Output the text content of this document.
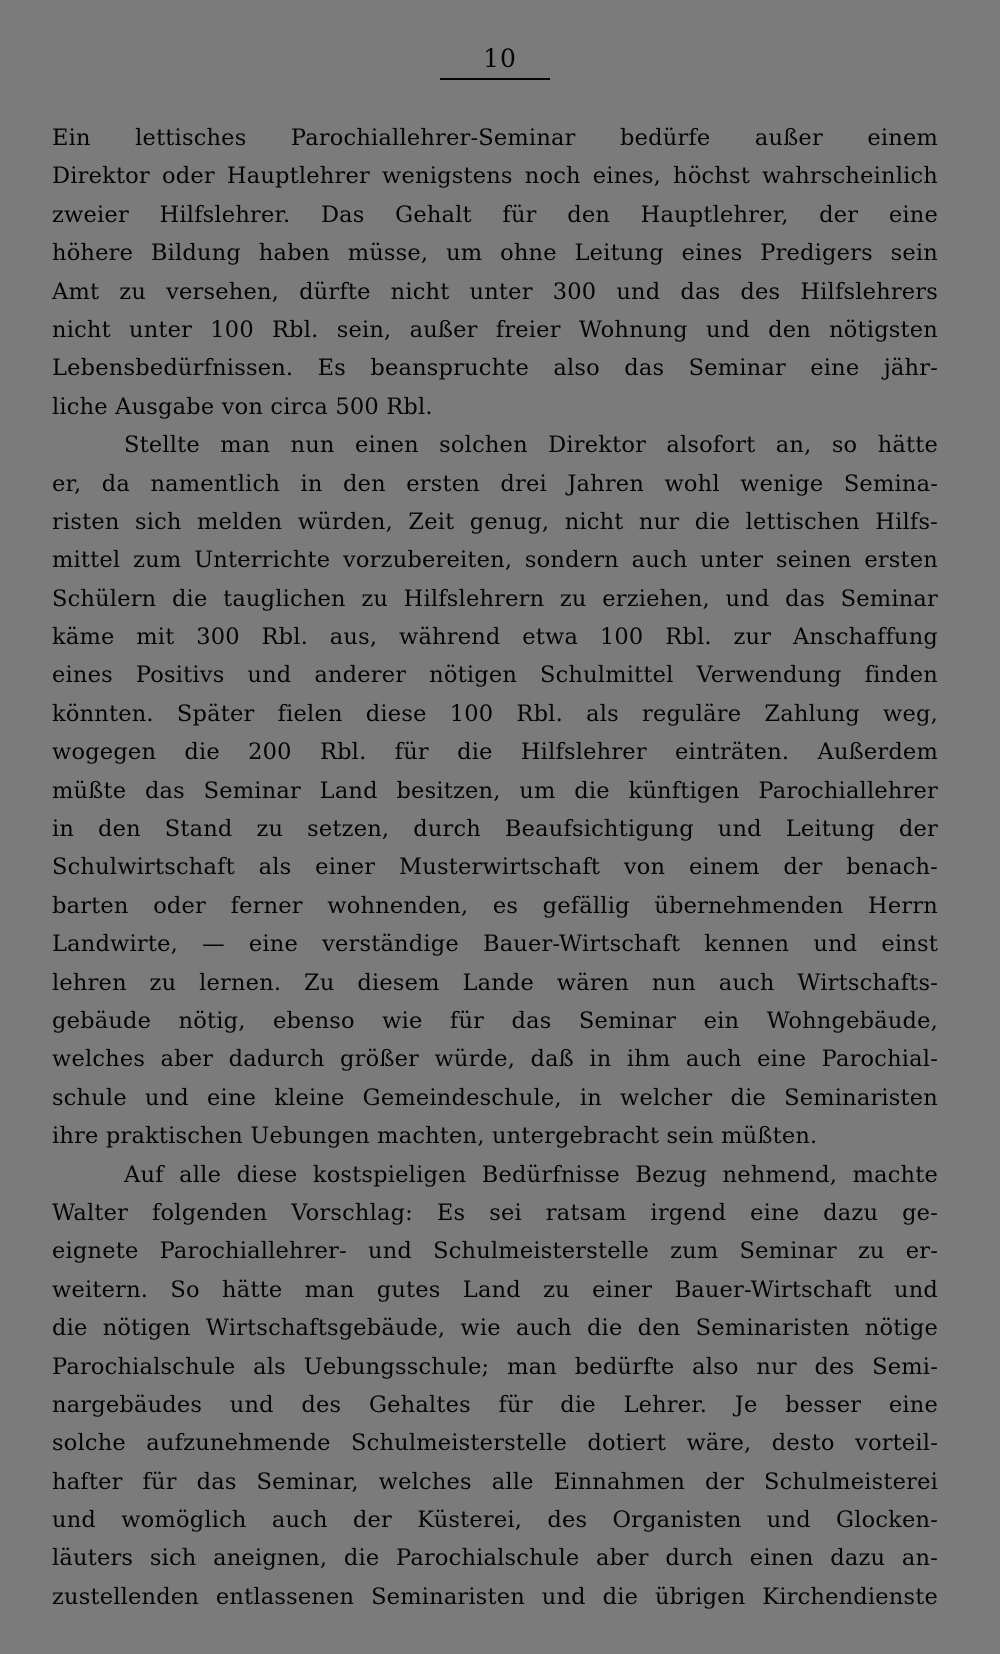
10
Ein lettisches Parochiallehrer-Seminar bedürfe außer einem
Direktor oder Hauptlehrer wenigstens noch eines, höchst wahrscheinlich
zweier Hilfslehrer. Das Gehalt für den Hauptlehrer, der eine
höhere Bildung haben müsse, um ohne Leitung eines Predigers sein
Amt zu versehen, dürfte nicht unter 300 und das des Hilfslehrers
nicht unter 100 Rbl. sein, außer freier Wohnung und den nötigsten
Lebensbedürfnissen. Es beanspruchte also das Seminar eine jähr-
liche Ausgabe von circa 500 Rbl.
Stellte man nun einen solchen Direktor alsofort an, so hätte
er, da namentlich in den ersten drei Jahren wohl wenige Semina-
risten sich melden würden, Zeit genug, nicht nur die lettischen Hilfs-
mittel zum Unterrichte vorzubereiten, sondern auch unter seinen ersten
Schülern die tauglichen zu Hilfslehrern zu erziehen, und das Seminar
käme mit 300 Rbl. aus, während etwa 100 Rbl. zur Anschaffung
eines Positivs und anderer nötigen Schulmittel Verwendung finden
könnten. Später fielen diese 100 Rbl. als reguläre Zahlung weg,
wogegen die 200 Rbl. für die Hilfslehrer einträten. Außerdem
müßte das Seminar Land besitzen, um die künftigen Parochiallehrer
in den Stand zu setzen, durch Beaufsichtigung und Leitung der
Schulwirtschaft als einer Musterwirtschaft von einem der benach-
barten oder ferner wohnenden, es gefällig übernehmenden Herrn
Landwirte, — eine verständige Bauer-Wirtschaft kennen und einst
lehren zu lernen. Zu diesem Lande wären nun auch Wirtschafts-
gebäude nötig, ebenso wie für das Seminar ein Wohngebäude,
welches aber dadurch größer würde, daß in ihm auch eine Parochial-
schule und eine kleine Gemeindeschule, in welcher die Seminaristen
ihre praktischen Uebungen machten, untergebracht sein müßten.
Auf alle diese kostspieligen Bedürfnisse Bezug nehmend, machte
Walter folgenden Vorschlag: Es sei ratsam irgend eine dazu ge-
eignete Parochiallehrer- und Schulmeisterstelle zum Seminar zu er-
weitern. So hätte man gutes Land zu einer Bauer-Wirtschaft und
die nötigen Wirtschaftsgebäude, wie auch die den Seminaristen nötige
Parochialschule als Uebungsschule; man bedürfte also nur des Semi-
nargebäudes und des Gehaltes für die Lehrer. Je besser eine
solche aufzunehmende Schulmeisterstelle dotiert wäre, desto vorteil-
hafter für das Seminar, welches alle Einnahmen der Schulmeisterei
und womöglich auch der Küsterei, des Organisten und Glocken-
läuters sich aneignen, die Parochialschule aber durch einen dazu an-
zustellenden entlassenen Seminaristen und die übrigen Kirchendienste
